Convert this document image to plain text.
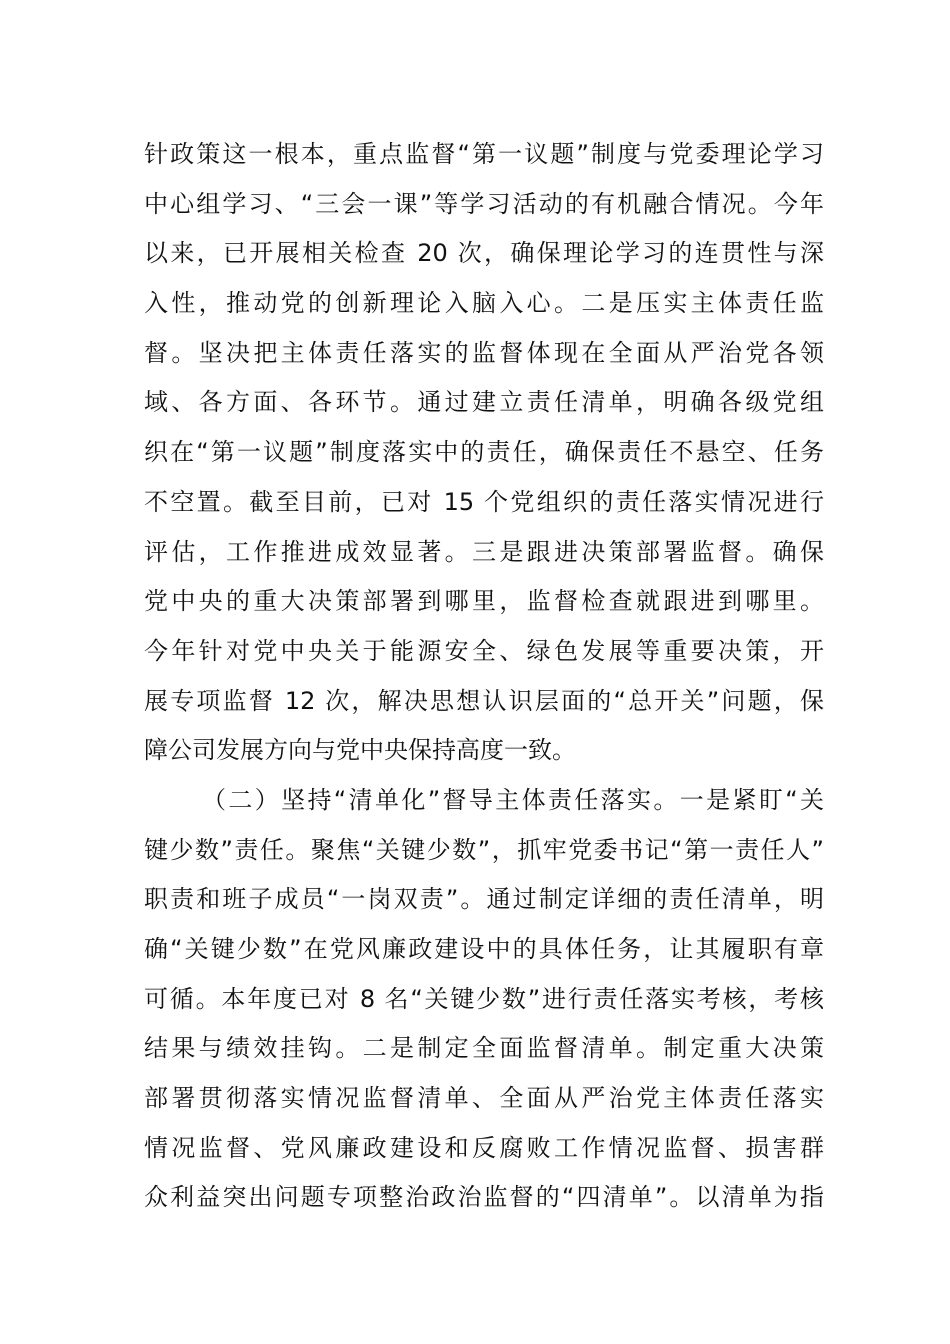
针政策这一根本，重点监督“第一议题”制度与党委理论学习
中心组学习、“三会一课”等学习活动的有机融合情况。今年
以来，已开展相关检查 20 次，确保理论学习的连贯性与深
入性，推动党的创新理论入脑入心。二是压实主体责任监
督。坚决把主体责任落实的监督体现在全面从严治党各领
域、各方面、各环节。通过建立责任清单，明确各级党组
织在“第一议题”制度落实中的责任，确保责任不悬空、任务
不空置。截至目前，已对 15 个党组织的责任落实情况进行
评估，工作推进成效显著。三是跟进决策部署监督。确保
党中央的重大决策部署到哪里，监督检查就跟进到哪里。
今年针对党中央关于能源安全、绿色发展等重要决策，开
展专项监督 12 次，解决思想认识层面的“总开关”问题，保
障公司发展方向与党中央保持高度一致。
（二）坚持“清单化”督导主体责任落实。一是紧盯“关
键少数”责任。聚焦“关键少数”，抓牢党委书记“第一责任人”
职责和班子成员“一岗双责”。通过制定详细的责任清单，明
确“关键少数”在党风廉政建设中的具体任务，让其履职有章
可循。本年度已对 8 名“关键少数”进行责任落实考核，考核
结果与绩效挂钩。二是制定全面监督清单。制定重大决策
部署贯彻落实情况监督清单、全面从严治党主体责任落实
情况监督、党风廉政建设和反腐败工作情况监督、损害群
众利益突出问题专项整治政治监督的“四清单”。以清单为指
